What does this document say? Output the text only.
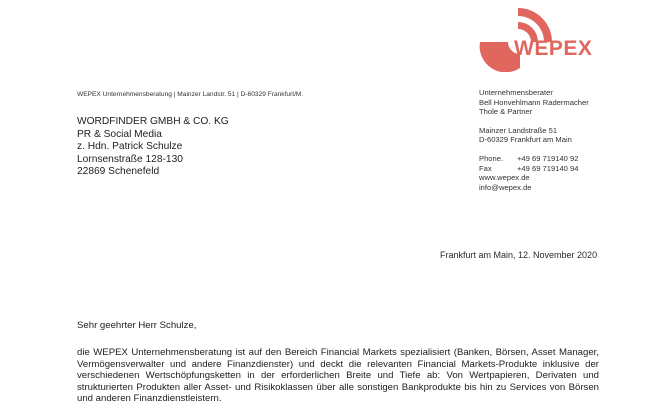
WEPEX
WEPEX Unternehmensberatung | Mainzer Landstr. 51 | D-60329 Frankfurt/M.	Unternehmensberater
Bell Honvehlmann Radermacher
Thole & Partner
Mainzer Landstraße 51
D-60329 Frankfurt am Main
Phone.	+49 69 719140 92
Fax	+49 69 719140 94
www.wepex.de
info@wepex.de
WORDFINDER GMBH & CO. KG
PR & Social Media
z. Hdn. Patrick Schulze
Lornsenstraße 128-130
22869 Schenefeld
Frankfurt am Main, 12. November 2020
Sehr geehrter Herr Schulze,
die WEPEX Unternehmensberatung ist auf den Bereich Financial Markets spezialisiert (Banken, Börsen, Asset Manager, Vermögensverwalter und andere Finanzdienster) und deckt die relevanten Financial Markets-Produkte inklusive der verschiedenen Wertschöpfungsketten in der erforderlichen Breite und Tiefe ab: Von Wertpapieren, Derivaten und strukturierten Produkten aller Asset- und Risikoklassen über alle sonstigen Bankprodukte bis hin zu Services von Börsen und anderen Finanzdienstleistern.
